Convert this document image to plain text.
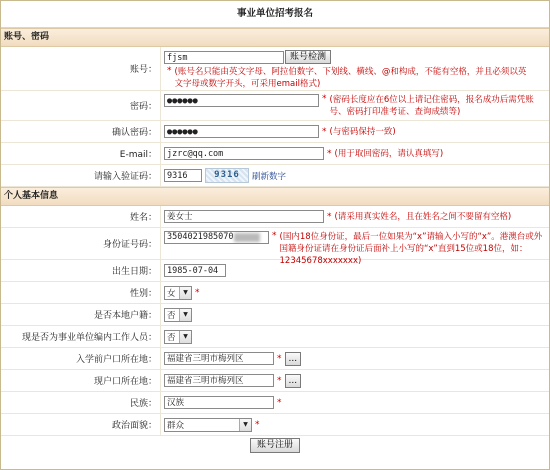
事业单位招考报名
账号、密码
账号：
fjsm	账号检测
* (账号名只能由英文字母、阿拉伯数字、下划线、横线、@和构成，不能有空格，并且必须以英文字母或数字开头，可采用email格式)
密码：
●●●●●●	* (密码长度应在6位以上请记住密码，报名成功后需凭账号、密码打印准考证、查询成绩等)
确认密码：	●●●●●●	* (与密码保持一致)
E-mail：	jzrc@qq.com	* (用于取回密码，请认真填写)
请输入验证码：	9316	9316	刷新数字
个人基本信息
姓名：	姜女士	* (请采用真实姓名，且在姓名之间不要留有空格)
身份证号码：
3504021985070	* (国内18位身份证，最后一位如果为“x”请输入小写的“x”。港澳台或外国籍身份证请在身份证后面补上小写的“x”直到15位或18位，如：12345678xxxxxxx)
出生日期：	1985-07-04
性别：	女	▼ *
是否本地户籍：	否	▼
现是否为事业单位编内工作人员：	否	▼
入学前户口所在地：	福建省三明市梅列区	* ...
现户口所在地：	福建省三明市梅列区	* ...
民族：	汉族	*
政治面貌：	群众	▼ *
账号注册
